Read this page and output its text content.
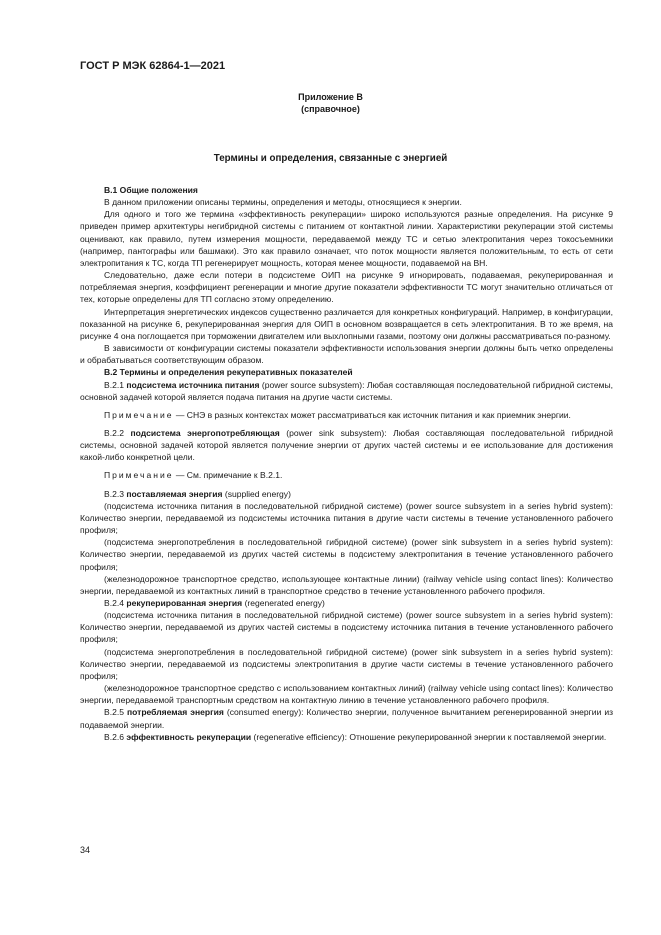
ГОСТ Р МЭК 62864-1—2021
Приложение В
(справочное)
Термины и определения, связанные с энергией

В.1 Общие положения

В данном приложении описаны термины, определения и методы, относящиеся к энергии.

Для одного и того же термина «эффективность рекуперации» широко используются разные определения. На рисунке 9 приведен пример архитектуры негибридной системы с питанием от контактной линии. Характеристики рекуперации этой системы оценивают, как правило, путем измерения мощности, передаваемой между ТС и сетью электропитания через токосъемники (например, пантографы или башмаки). Это как правило означает, что поток мощности является положительным, то есть от сети электропитания к ТС, когда ТП регенерирует мощность, которая менее мощности, подаваемой на ВН.

Следовательно, даже если потери в подсистеме ОИП на рисунке 9 игнорировать, подаваемая, рекуперированная и потребляемая энергия, коэффициент регенерации и многие другие показатели эффективности ТС могут значительно отличаться от тех, которые определены для ТП согласно этому определению.

Интерпретация энергетических индексов существенно различается для конкретных конфигураций. Например, в конфигурации, показанной на рисунке 6, рекуперированная энергия для ОИП в основном возвращается в сеть электропитания. В то же время, на рисунке 4 она поглощается при торможении двигателем или выхлопными газами, поэтому они должны рассматриваться по-разному.

В зависимости от конфигурации системы показатели эффективности использования энергии должны быть четко определены и обрабатываться соответствующим образом.

В.2 Термины и определения рекуперативных показателей

В.2.1 подсистема источника питания (power source subsystem): Любая составляющая последовательной гибридной системы, основной задачей которой является подача питания на другие части системы.

Примечание — СНЭ в разных контекстах может рассматриваться как источник питания и как приемник энергии.

В.2.2 подсистема энергопотребляющая (power sink subsystem): Любая составляющая последовательной гибридной системы, основной задачей которой является получение энергии от других частей системы и ее использование для достижения какой-либо конкретной цели.

Примечание — См. примечание к В.2.1.

В.2.3 поставляемая энергия (supplied energy)

(подсистема источника питания в последовательной гибридной системе) (power source subsystem in a series hybrid system): Количество энергии, передаваемой из подсистемы источника питания в другие части системы в течение установленного рабочего профиля;

(подсистема энергопотребления в последовательной гибридной системе) (power sink subsystem in a series hybrid system): Количество энергии, передаваемой из других частей системы в подсистему электропитания в течение установленного рабочего профиля;

(железнодорожное транспортное средство, использующее контактные линии) (railway vehicle using contact lines): Количество энергии, передаваемой из контактных линий в транспортное средство в течение установленного рабочего профиля.

В.2.4 рекуперированная энергия (regenerated energy)

(подсистема источника питания в последовательной гибридной системе) (power source subsystem in a series hybrid system): Количество энергии, передаваемой из других частей системы в подсистему источника питания в течение установленного рабочего профиля;

(подсистема энергопотребления в последовательной гибридной системе) (power sink subsystem in a series hybrid system): Количество энергии, передаваемой из подсистемы электропитания в другие части системы в течение установленного рабочего профиля;

(железнодорожное транспортное средство с использованием контактных линий) (railway vehicle using contact lines): Количество энергии, передаваемой транспортным средством на контактную линию в течение установленного рабочего профиля.

В.2.5 потребляемая энергия (consumed energy): Количество энергии, полученное вычитанием регенерированной энергии из подаваемой энергии.

В.2.6 эффективность рекуперации (regenerative efficiency): Отношение рекуперированной энергии к поставляемой энергии.

34
